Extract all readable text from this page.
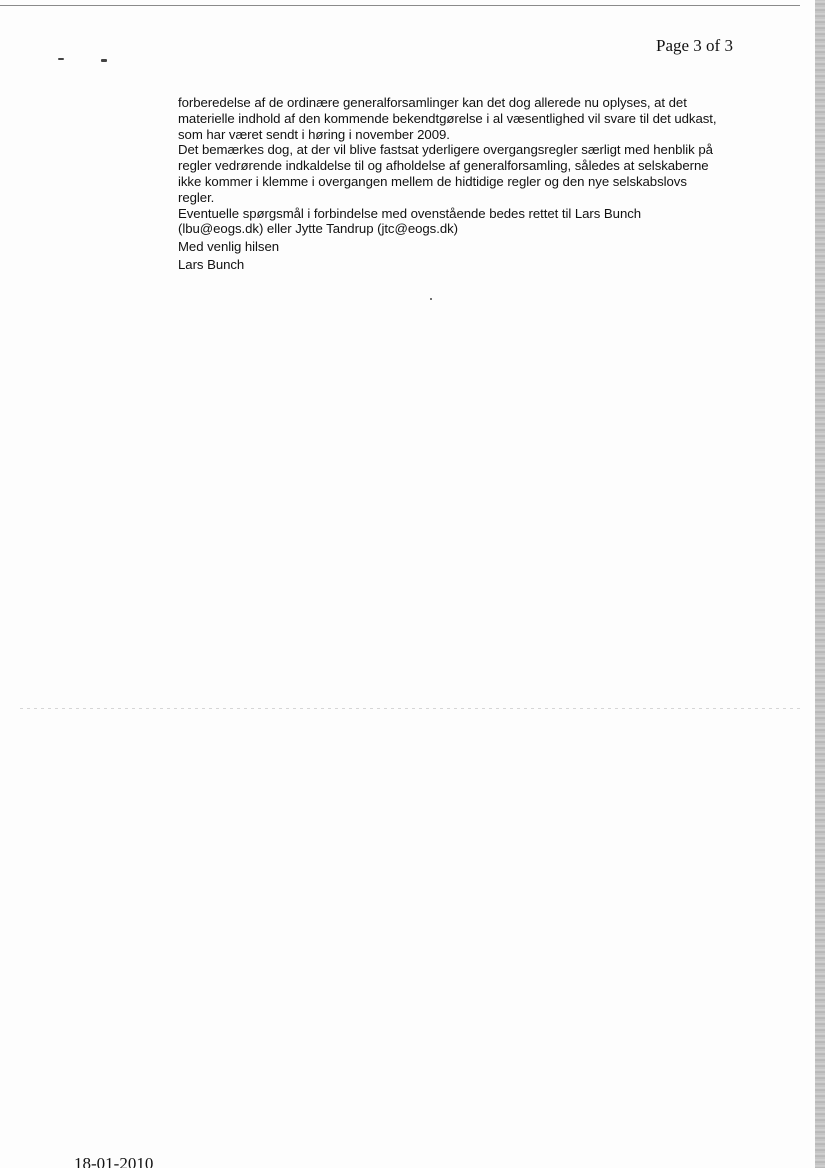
Page 3 of 3
forberedelse af de ordinære generalforsamlinger kan det dog allerede nu oplyses, at det
materielle indhold af den kommende bekendtgørelse i al væsentlighed vil svare til det udkast,
som har været sendt i høring i november 2009.
Det bemærkes dog, at der vil blive fastsat yderligere overgangsregler særligt med henblik på
regler vedrørende indkaldelse til og afholdelse af generalforsamling, således at selskaberne
ikke kommer i klemme i overgangen mellem de hidtidige regler og den nye selskabslovs
regler.
Eventuelle spørgsmål i forbindelse med ovenstående bedes rettet til Lars Bunch
(lbu@eogs.dk) eller Jytte Tandrup (jtc@eogs.dk)
Med venlig hilsen
Lars Bunch
18-01-2010
